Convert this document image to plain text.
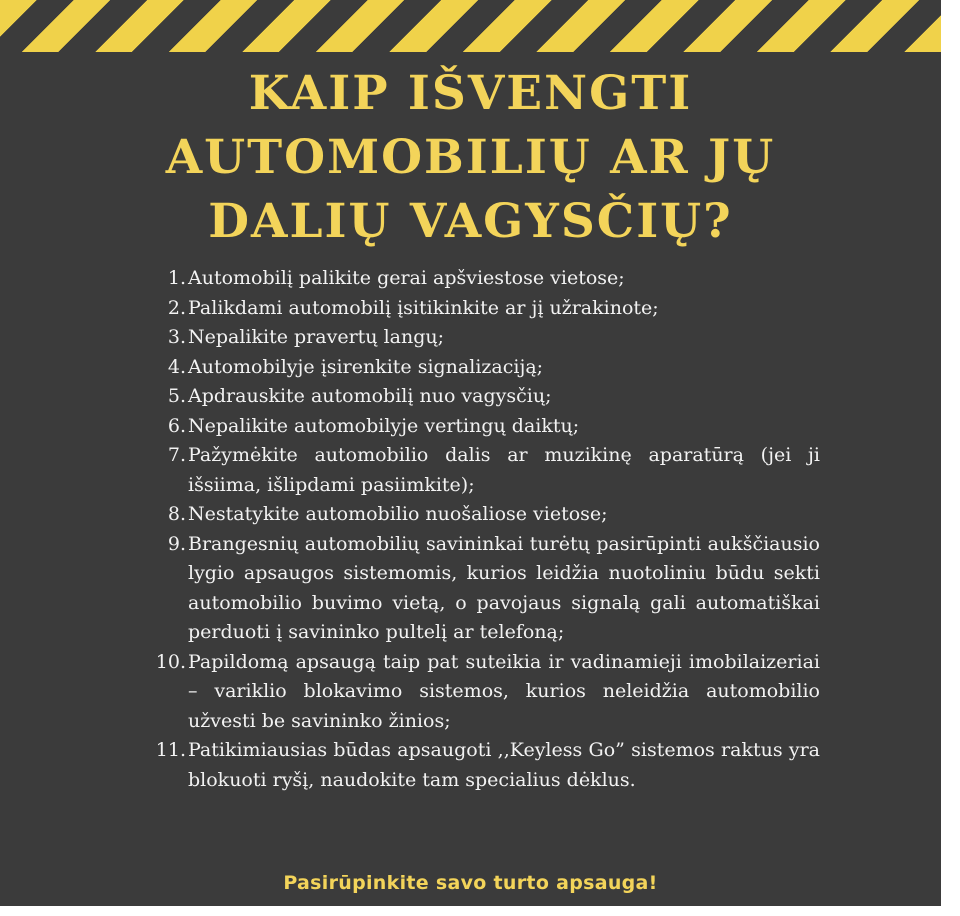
KAIP IŠVENGTI
AUTOMOBILIŲ AR JŲ
DALIŲ VAGYSČIŲ?
1. Automobilį palikite gerai apšviestose vietose;
2. Palikdami automobilį įsitikinkite ar jį užrakinote;
3. Nepalikite pravertų langų;
4. Automobilyje įsirenkite signalizaciją;
5. Apdrauskite automobilį nuo vagysčių;
6. Nepalikite automobilyje vertingų daiktų;
7. Pažymėkite automobilio dalis ar muzikinę aparatūrą (jei ji išsiima, išlipdami pasiimkite);
8. Nestatykite automobilio nuošaliose vietose;
9. Brangesnių automobilių savininkai turėtų pasirūpinti aukščiausio lygio apsaugos sistemomis, kurios leidžia nuotoliniu būdu sekti automobilio buvimo vietą, o pavojaus signalą gali automatiškai perduoti į savininko pultelį ar telefoną;
10. Papildomą apsaugą taip pat suteikia ir vadinamieji imobilaizeriai – variklio blokavimo sistemos, kurios neleidžia automobilio užvesti be savininko žinios;
11. Patikimiausias būdas apsaugoti ,,Keyless Go” sistemos raktus yra blokuoti ryšį, naudokite tam specialius dėklus.
Pasirūpinkite savo turto apsauga!
